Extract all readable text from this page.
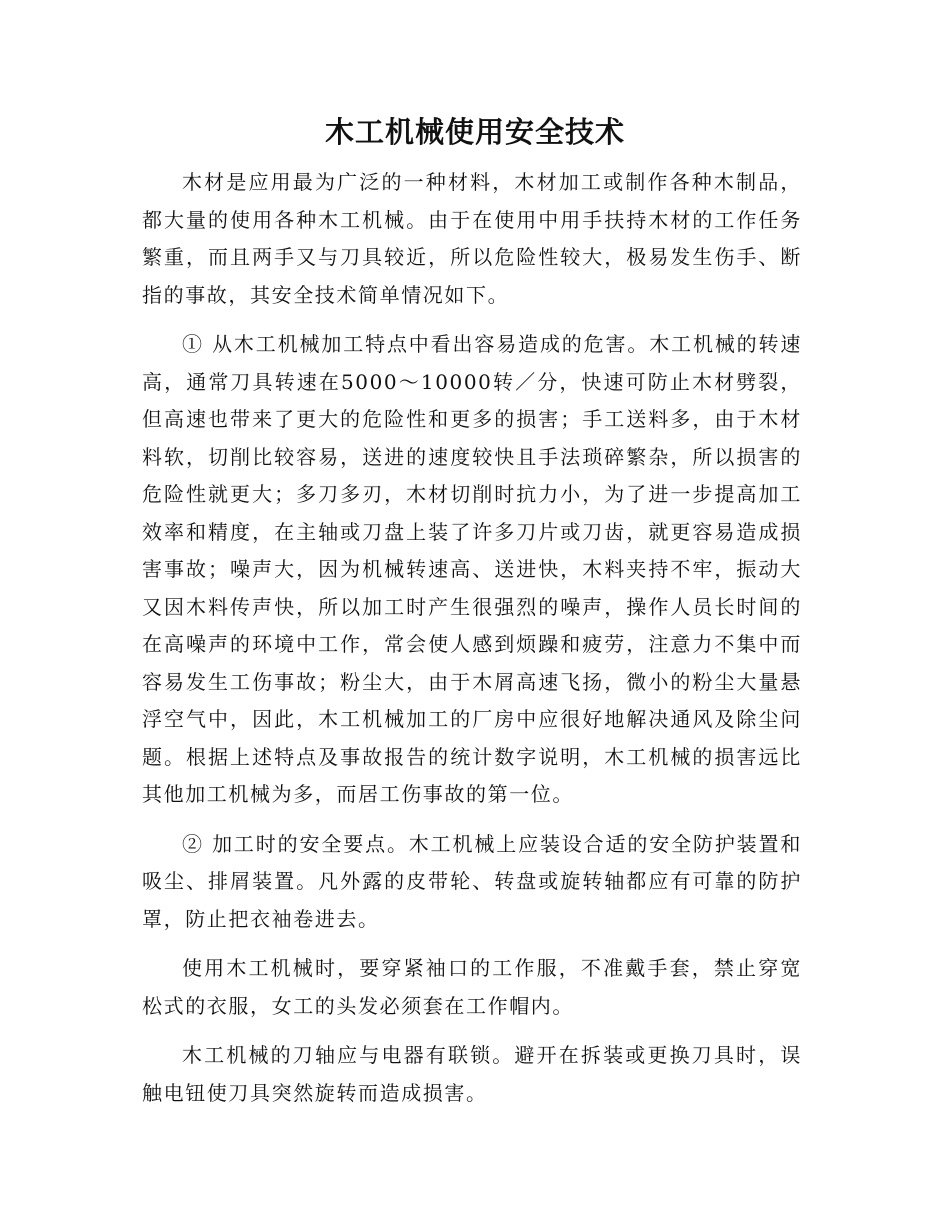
木工机械使用安全技术

木材是应用最为广泛的一种材料，木材加工或制作各种木制品，都大量的使用各种木工机械。由于在使用中用手扶持木材的工作任务繁重，而且两手又与刀具较近，所以危险性较大，极易发生伤手、断指的事故，其安全技术简单情况如下。

① 从木工机械加工特点中看出容易造成的危害。木工机械的转速高，通常刀具转速在5000～10000转／分，快速可防止木材劈裂，但高速也带来了更大的危险性和更多的损害；手工送料多，由于木材料软，切削比较容易，送进的速度较快且手法琐碎繁杂，所以损害的危险性就更大；多刀多刃，木材切削时抗力小，为了进一步提高加工效率和精度，在主轴或刀盘上装了许多刀片或刀齿，就更容易造成损害事故；噪声大，因为机械转速高、送进快，木料夹持不牢，振动大又因木料传声快，所以加工时产生很强烈的噪声，操作人员长时间的在高噪声的环境中工作，常会使人感到烦躁和疲劳，注意力不集中而容易发生工伤事故；粉尘大，由于木屑高速飞扬，微小的粉尘大量悬浮空气中，因此，木工机械加工的厂房中应很好地解决通风及除尘问题。根据上述特点及事故报告的统计数字说明，木工机械的损害远比其他加工机械为多，而居工伤事故的第一位。

② 加工时的安全要点。木工机械上应装设合适的安全防护装置和吸尘、排屑装置。凡外露的皮带轮、转盘或旋转轴都应有可靠的防护罩，防止把衣袖卷进去。

使用木工机械时，要穿紧袖口的工作服，不准戴手套，禁止穿宽松式的衣服，女工的头发必须套在工作帽内。

木工机械的刀轴应与电器有联锁。避开在拆装或更换刀具时，误触电钮使刀具突然旋转而造成损害。
